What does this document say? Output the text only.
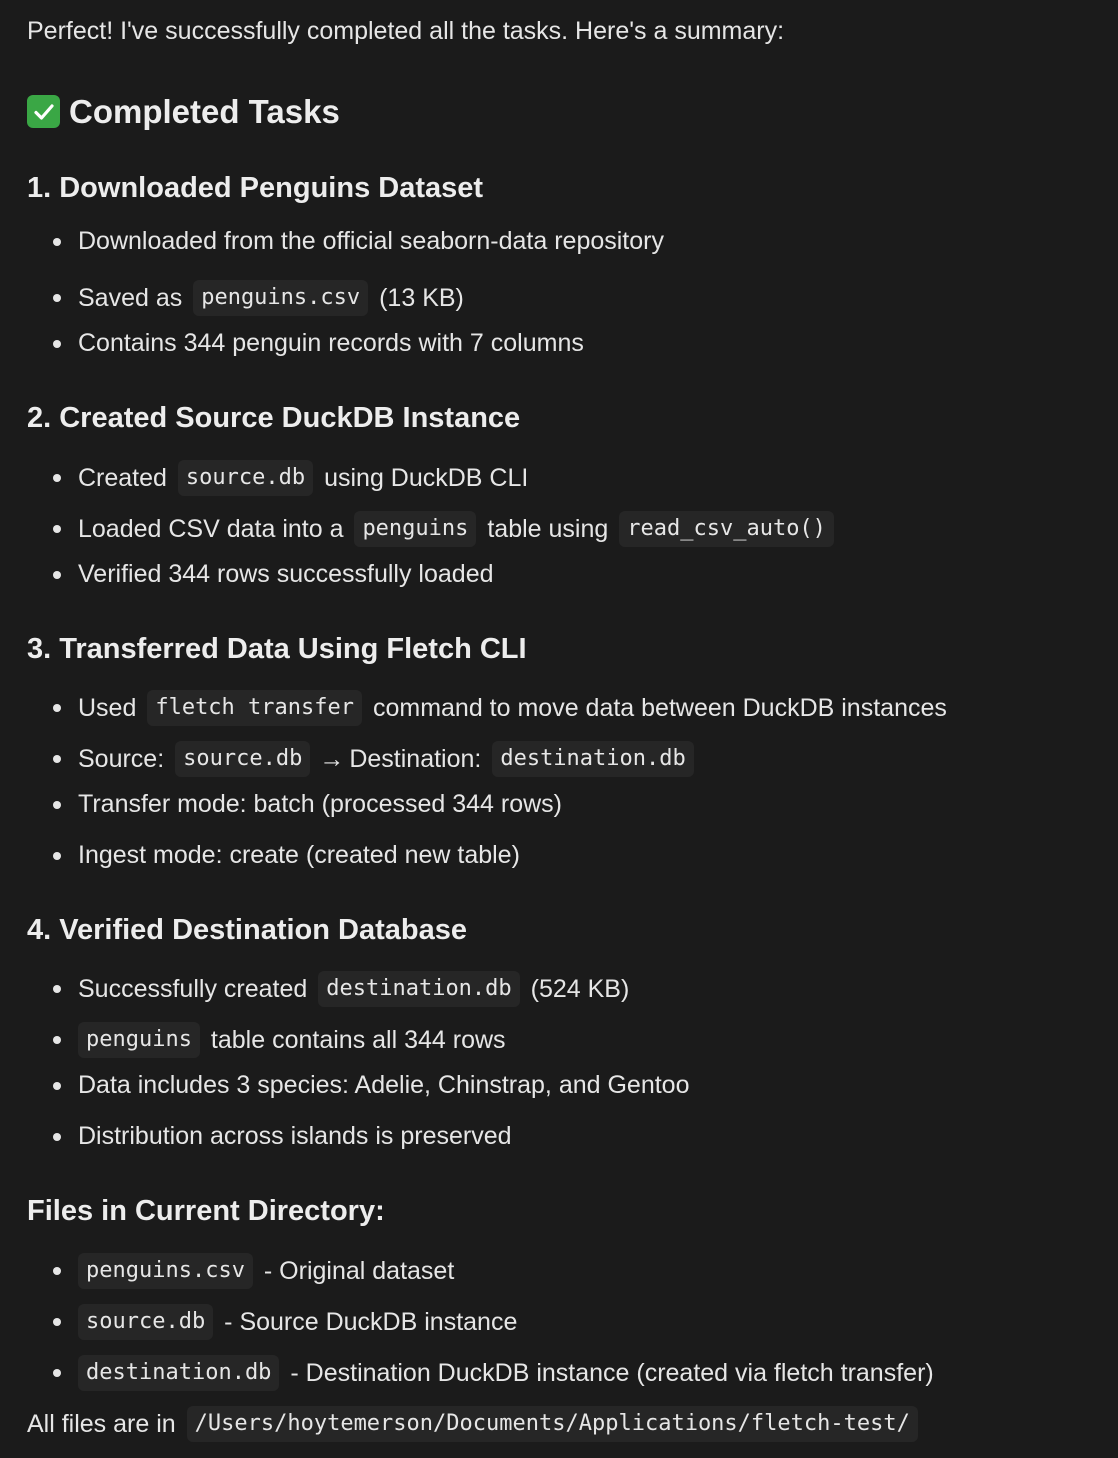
Perfect! I've successfully completed all the tasks. Here's a summary:
Completed Tasks
1. Downloaded Penguins Dataset
Downloaded from the official seaborn-data repository
Saved as
penguins.csv
(13 KB)
Contains 344 penguin records with 7 columns
2. Created Source DuckDB Instance
Created
source.db
using DuckDB CLI
Loaded CSV data into a
penguins
table using
read_csv_auto()
Verified 344 rows successfully loaded
3. Transferred Data Using Fletch CLI
Used
fletch transfer
command to move data between DuckDB instances
Source:
source.db → Destination:
destination.db
Transfer mode: batch (processed 344 rows)
Ingest mode: create (created new table)
4. Verified Destination Database
Successfully created
destination.db
(524 KB)
penguins
table contains all 344 rows
Data includes 3 species: Adelie, Chinstrap, and Gentoo
Distribution across islands is preserved
Files in Current Directory:
penguins.csv
- Original dataset
source.db
- Source DuckDB instance
destination.db
- Destination DuckDB instance (created via fletch transfer)
All files are in
/Users/hoytemerson/Documents/Applications/fletch-test/
